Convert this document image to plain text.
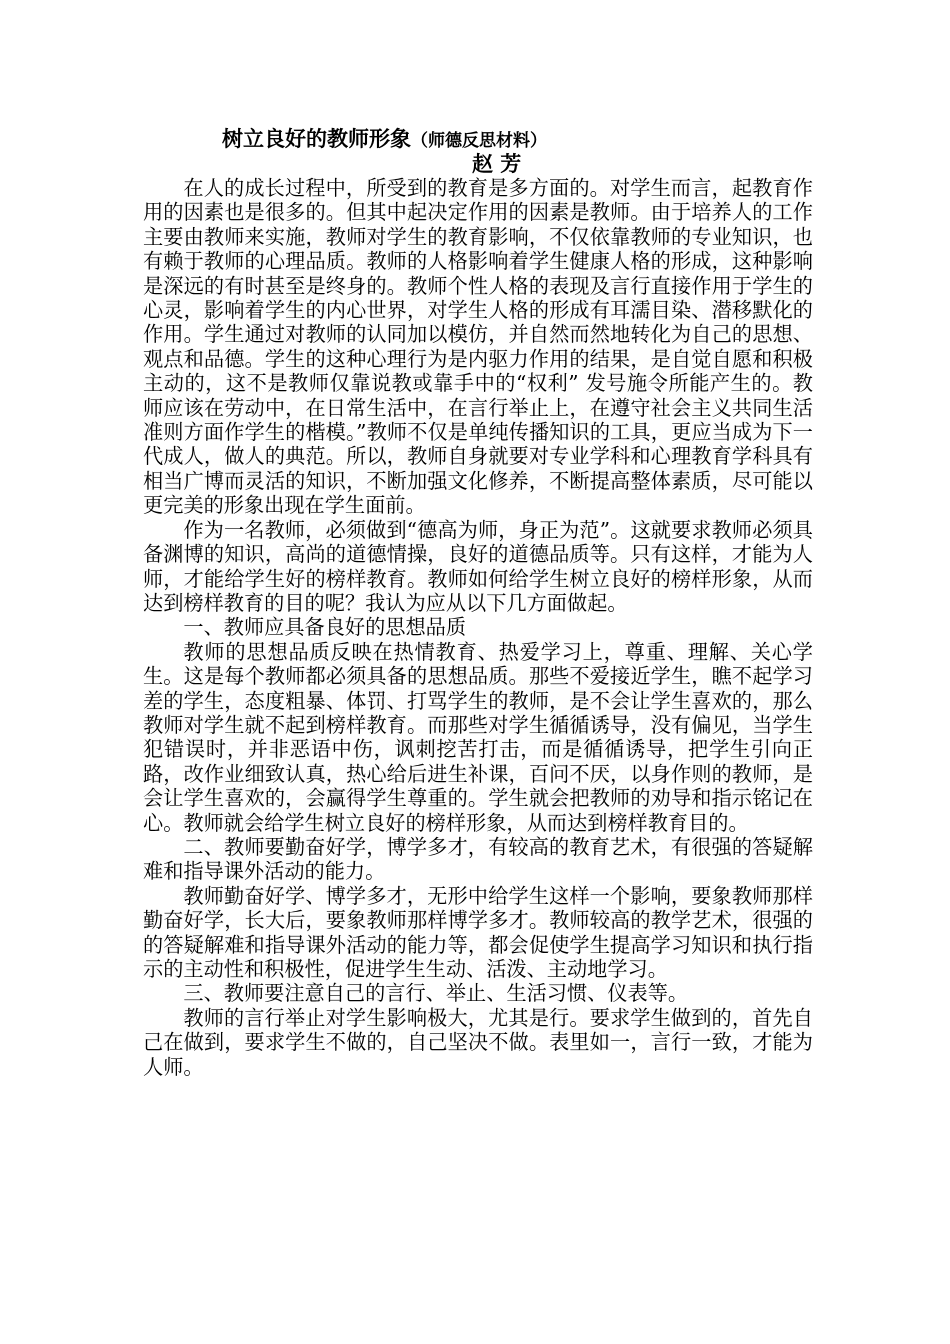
树立良好的教师形象（师德反思材料）
赵 芳

在人的成长过程中，所受到的教育是多方面的。对学生而言，起教育作用的因素也是很多的。但其中起决定作用的因素是教师。由于培养人的工作主要由教师来实施，教师对学生的教育影响，不仅依靠教师的专业知识，也有赖于教师的心理品质。教师的人格影响着学生健康人格的形成，这种影响是深远的有时甚至是终身的。教师个性人格的表现及言行直接作用于学生的心灵，影响着学生的内心世界，对学生人格的形成有耳濡目染、潜移默化的作用。学生通过对教师的认同加以模仿，并自然而然地转化为自己的思想、观点和品德。学生的这种心理行为是内驱力作用的结果，是自觉自愿和积极主动的，这不是教师仅靠说教或靠手中的“权利” 发号施令所能产生的。教师应该在劳动中，在日常生活中，在言行举止上，在遵守社会主义共同生活准则方面作学生的楷模。”教师不仅是单纯传播知识的工具，更应当成为下一代成人，做人的典范。所以，教师自身就要对专业学科和心理教育学科具有相当广博而灵活的知识，不断加强文化修养，不断提高整体素质，尽可能以更完美的形象出现在学生面前。

作为一名教师，必须做到“德高为师，身正为范”。这就要求教师必须具备渊博的知识，高尚的道德情操，良好的道德品质等。只有这样，才能为人师，才能给学生好的榜样教育。教师如何给学生树立良好的榜样形象，从而达到榜样教育的目的呢？我认为应从以下几方面做起。

一、教师应具备良好的思想品质

教师的思想品质反映在热情教育、热爱学习上，尊重、理解、关心学生。这是每个教师都必须具备的思想品质。那些不爱接近学生，瞧不起学习差的学生，态度粗暴、体罚、打骂学生的教师，是不会让学生喜欢的，那么教师对学生就不起到榜样教育。而那些对学生循循诱导，没有偏见，当学生犯错误时，并非恶语中伤，讽刺挖苦打击，而是循循诱导，把学生引向正路，改作业细致认真，热心给后进生补课，百问不厌，以身作则的教师，是会让学生喜欢的，会赢得学生尊重的。学生就会把教师的劝导和指示铭记在心。教师就会给学生树立良好的榜样形象，从而达到榜样教育目的。

二、教师要勤奋好学，博学多才，有较高的教育艺术，有很强的答疑解难和指导课外活动的能力。

教师勤奋好学、博学多才，无形中给学生这样一个影响，要象教师那样勤奋好学，长大后，要象教师那样博学多才。教师较高的教学艺术，很强的的答疑解难和指导课外活动的能力等，都会促使学生提高学习知识和执行指示的主动性和积极性，促进学生生动、活泼、主动地学习。

三、教师要注意自己的言行、举止、生活习惯、仪表等。

教师的言行举止对学生影响极大，尤其是行。要求学生做到的，首先自己在做到，要求学生不做的，自己坚决不做。表里如一，言行一致，才能为人师。
